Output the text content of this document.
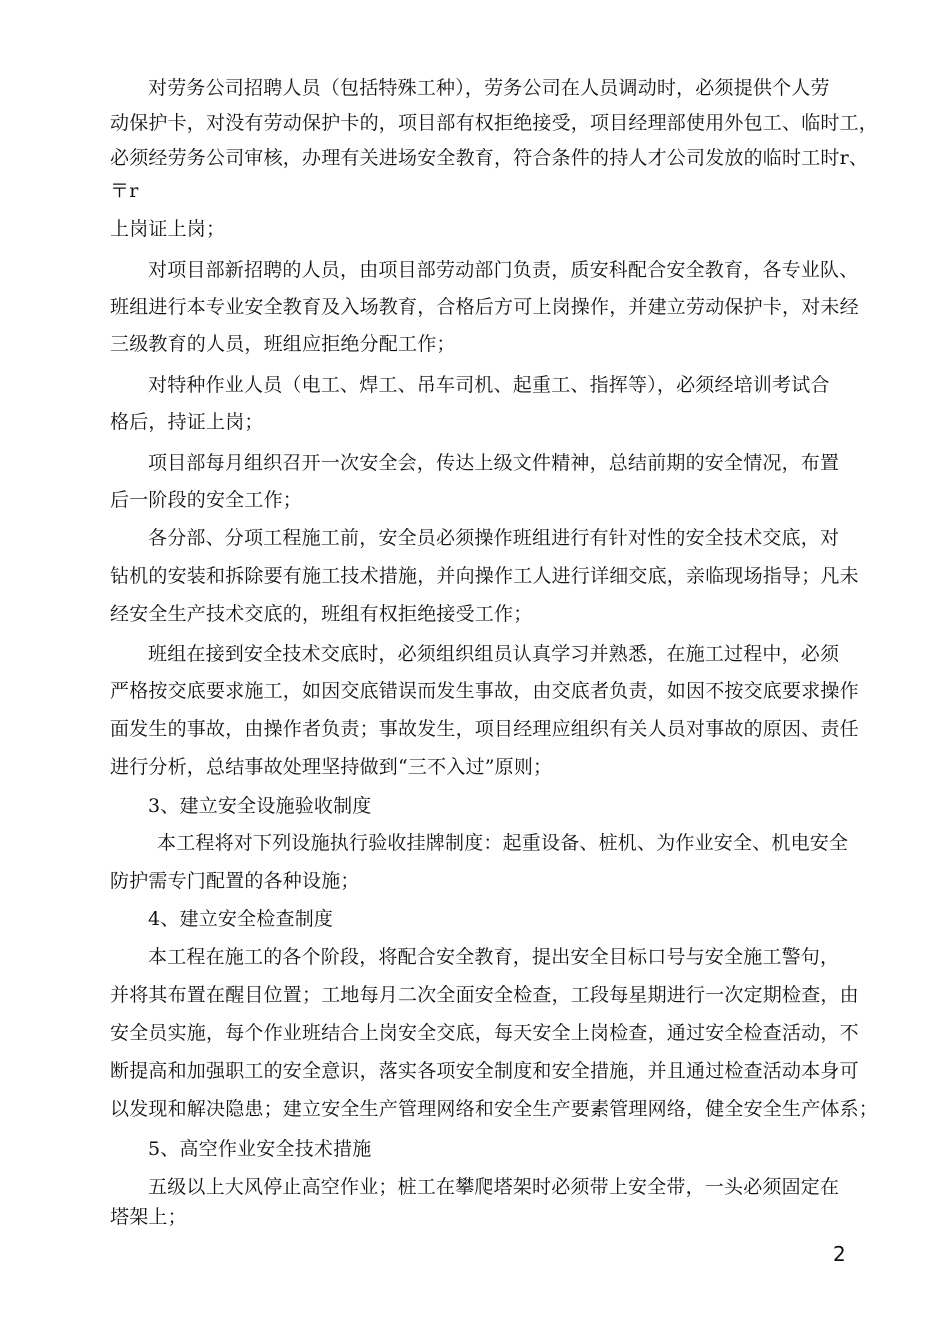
对劳务公司招聘人员（包括特殊工种），劳务公司在人员调动时，必须提供个人劳
动保护卡，对没有劳动保护卡的，项目部有权拒绝接受，项目经理部使用外包工、临时工，
必须经劳务公司审核，办理有关进场安全教育，符合条件的持人才公司发放的临时工时r、
〒r
上岗证上岗；
对项目部新招聘的人员，由项目部劳动部门负责，质安科配合安全教育，各专业队、
班组进行本专业安全教育及入场教育，合格后方可上岗操作，并建立劳动保护卡，对未经
三级教育的人员，班组应拒绝分配工作；
对特种作业人员（电工、焊工、吊车司机、起重工、指挥等），必须经培训考试合
格后，持证上岗；
项目部每月组织召开一次安全会，传达上级文件精神，总结前期的安全情况，布置
后一阶段的安全工作；
各分部、分项工程施工前，安全员必须操作班组进行有针对性的安全技术交底，对
钻机的安装和拆除要有施工技术措施，并向操作工人进行详细交底，亲临现场指导；凡未
经安全生产技术交底的，班组有权拒绝接受工作；
班组在接到安全技术交底时，必须组织组员认真学习并熟悉，在施工过程中，必须
严格按交底要求施工，如因交底错误而发生事故，由交底者负责，如因不按交底要求操作
面发生的事故，由操作者负责；事故发生，项目经理应组织有关人员对事故的原因、责任
进行分析，总结事故处理坚持做到“三不入过”原则；
3、建立安全设施验收制度
本工程将对下列设施执行验收挂牌制度：起重设备、桩机、为作业安全、机电安全
防护需专门配置的各种设施；
4、建立安全检查制度
本工程在施工的各个阶段，将配合安全教育，提出安全目标口号与安全施工警句，
并将其布置在醒目位置；工地每月二次全面安全检查，工段每星期进行一次定期检查，由
安全员实施，每个作业班结合上岗安全交底，每天安全上岗检查，通过安全检查活动，不
断提高和加强职工的安全意识，落实各项安全制度和安全措施，并且通过检查活动本身可
以发现和解决隐患；建立安全生产管理网络和安全生产要素管理网络，健全安全生产体系；
5、高空作业安全技术措施
五级以上大风停止高空作业；桩工在攀爬塔架时必须带上安全带，一头必须固定在
塔架上；
2
